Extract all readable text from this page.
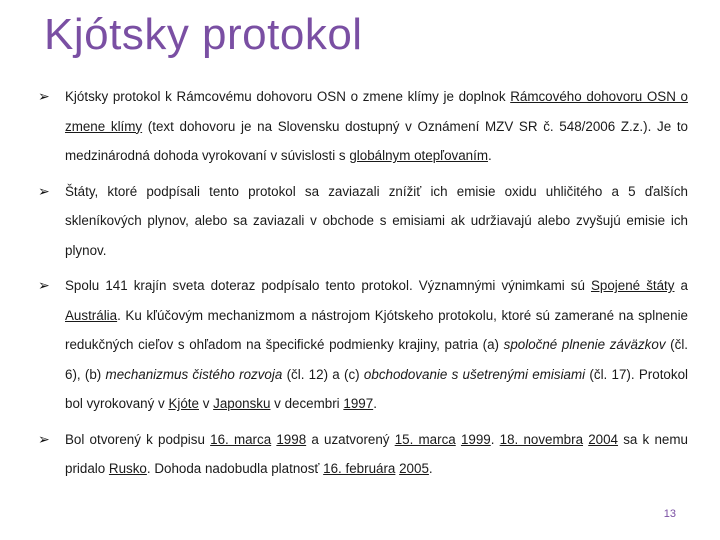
Kjótsky protokol
➢ Kjótsky protokol k Rámcovému dohovoru OSN o zmene klímy je doplnok Rámcového dohovoru OSN o zmene klímy (text dohovoru je na Slovensku dostupný v Oznámení MZV SR č. 548/2006 Z.z.). Je to medzinárodná dohoda vyrokovaní v súvislosti s globálnym otepľovaním.
➢ Štáty, ktoré podpísali tento protokol sa zaviazali znížiť ich emisie oxidu uhličitého a 5 ďalších skleníkových plynov, alebo sa zaviazali v obchode s emisiami ak udržiavajú alebo zvyšujú emisie ich plynov.
➢ Spolu 141 krajín sveta doteraz podpísalo tento protokol. Významnými výnimkami sú Spojené štáty a Austrália. Ku kľúčovým mechanizmom a nástrojom Kjótskeho protokolu, ktoré sú zamerané na splnenie redukčných cieľov s ohľadom na špecifické podmienky krajiny, patria (a) spoločné plnenie záväzkov (čl. 6), (b) mechanizmus čistého rozvoja (čl. 12) a (c) obchodovanie s ušetrenými emisiami (čl. 17). Protokol bol vyrokovaný v Kjóte v Japonsku v decembri 1997.
➢ Bol otvorený k podpisu 16. marca 1998 a uzatvorený 15. marca 1999. 18. novembra 2004 sa k nemu pridalo Rusko. Dohoda nadobudla platnosť 16. februára 2005.
13
